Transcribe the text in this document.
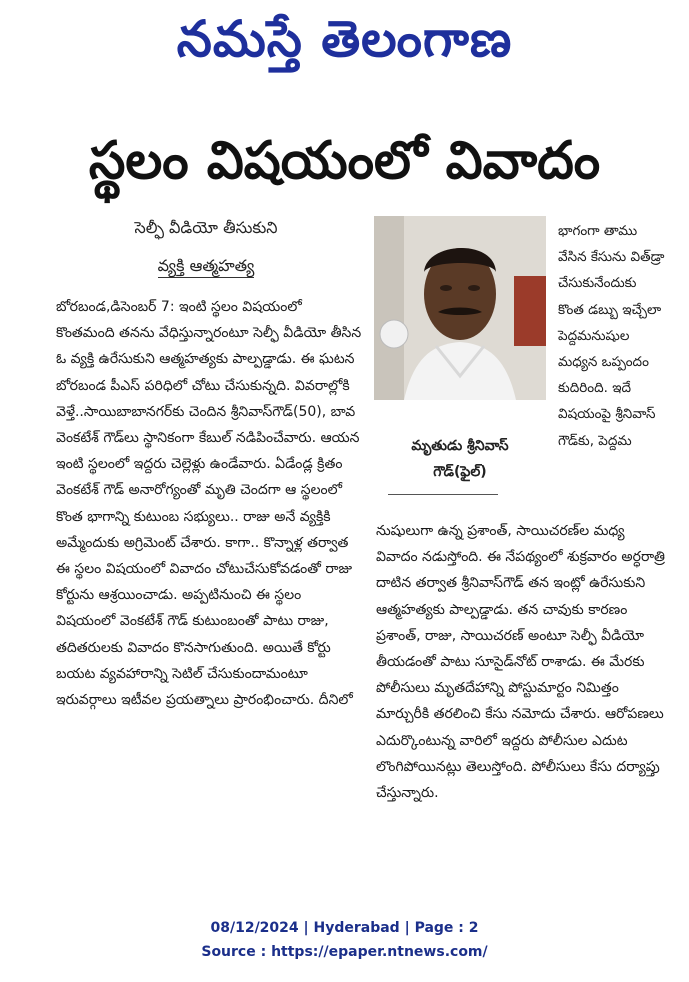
నమస్తే తెలంగాణ
స్థలం విషయంలో వివాదం
సెల్ఫీ వీడియో తీసుకుని
వ్యక్తి ఆత్మహత్య
బోరబండ,డిసెంబర్ 7: ఇంటి స్థలం విషయంలో కొంతమంది తనను వేధిస్తున్నారంటూ సెల్ఫీ వీడియో తీసిన ఓ వ్యక్తి ఉరేసుకుని ఆత్మహత్యకు పాల్పడ్డాడు. ఈ ఘటన బోరబండ పీఎస్ పరిధిలో చోటు చేసుకున్నది. వివరాల్లోకి వెళ్తే..సాయిబాబానగర్‌కు చెందిన శ్రీనివాస్‌గౌడ్(50), బావ వెంకటేశ్ గౌడ్‌లు స్థానికంగా కేబుల్ నడిపించేవారు. ఆయన ఇంటి స్థలంలో ఇద్దరు చెల్లెళ్లు ఉండేవారు. ఏడేండ్ల క్రితం వెంకటేశ్ గౌడ్ అనారోగ్యంతో మృతి చెందగా ఆ స్థలంలో కొంత భాగాన్ని కుటుంబ సభ్యులు.. రాజు అనే వ్యక్తికి అమ్మేందుకు అగ్రిమెంట్ చేశారు. కాగా.. కొన్నాళ్ల తర్వాత ఈ స్థలం విషయంలో వివాదం చోటుచేసుకోవడంతో రాజు కోర్టును ఆశ్రయించాడు. అప్పటినుంచి ఈ స్థలం విషయంలో వెంకటేశ్ గౌడ్ కుటుంబంతో పాటు రాజు, తదితరులకు వివాదం కొనసాగుతుంది. అయితే కోర్టు బయట వ్యవహారాన్ని సెటిల్ చేసుకుందామంటూ ఇరువర్గాలు ఇటీవల ప్రయత్నాలు ప్రారంభించారు. దీనిలో
భాగంగా తాము వేసిన కేసును విత్‌డ్రా చేసుకునేందుకు కొంత డబ్బు ఇచ్చేలా పెద్దమనుషుల మధ్యన ఒప్పందం కుదిరింది. ఇదే విషయంపై శ్రీనివాస్ గౌడ్‌కు, పెద్దమ
మృతుడు శ్రీనివాస్
గౌడ్(ఫైల్)
నుషులుగా ఉన్న ప్రశాంత్, సాయిచరణ్‌ల మధ్య వివాదం నడుస్తోంది. ఈ నేపథ్యంలో శుక్రవారం అర్ధరాత్రి దాటిన తర్వాత శ్రీనివాస్‌గౌడ్ తన ఇంట్లో ఉరేసుకుని ఆత్మహత్యకు పాల్పడ్డాడు. తన చావుకు కారణం ప్రశాంత్, రాజు, సాయిచరణ్ అంటూ సెల్ఫీ వీడియో తీయడంతో పాటు సూసైడ్‌నోట్ రాశాడు. ఈ మేరకు పోలీసులు మృతదేహాన్ని పోస్టుమార్టం నిమిత్తం మార్చురీకి తరలించి కేసు నమోదు చేశారు. ఆరోపణలు ఎదుర్కొంటున్న వారిలో ఇద్దరు పోలీసుల ఎదుట లొంగిపోయినట్లు తెలుస్తోంది. పోలీసులు కేసు దర్యాప్తు చేస్తున్నారు.
08/12/2024 | Hyderabad | Page : 2
Source : https://epaper.ntnews.com/
